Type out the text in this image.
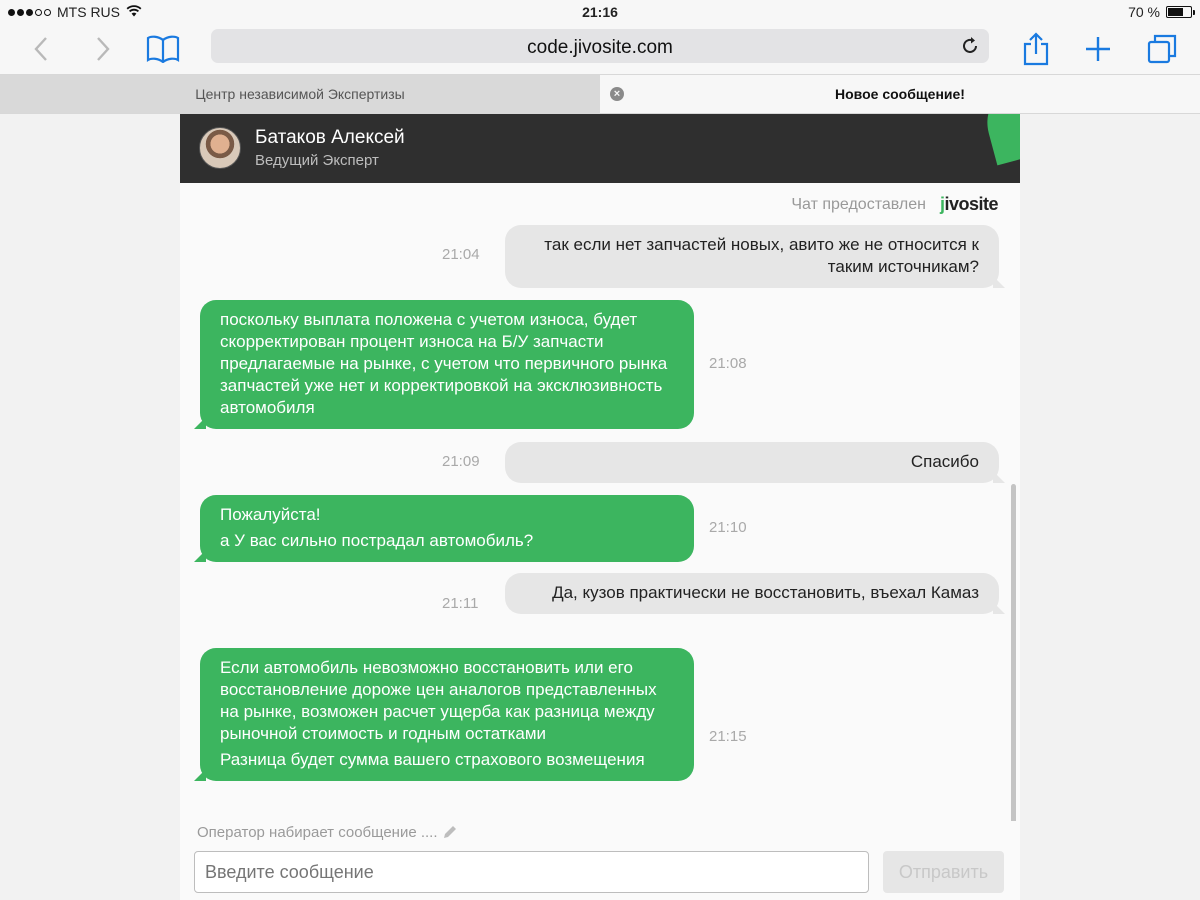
MTS RUS	21:16	70 %
code.jivosite.com
Центр независимой Экспертизы	×	Новое сообщение!
Батаков Алексей
Ведущий Эксперт
Чат предоставлен jivosite
21:04

так если нет запчастей новых, авито же не относится к таким источникам?

поскольку выплата положена с учетом износа, будет скорректирован процент износа на Б/У запчасти предлагаемые на рынке, с учетом что первичного рынка запчастей уже нет и корректировкой на эксклюзивность автомобиля

21:08
21:09	Спасибо

Пожалуйста!

а У вас сильно пострадал автомобиль?

21:10
21:11

Да, кузов практически не восстановить, въехал Камаз

Если автомобиль невозможно восстановить или его восстановление дороже цен аналогов представленных на рынке, возможен расчет ущерба как разница между рыночной стоимость и годным остатками

Разница будет сумма вашего страхового возмещения

21:15
Оператор набирает сообщение ....
Введите сообщение
Отправить
